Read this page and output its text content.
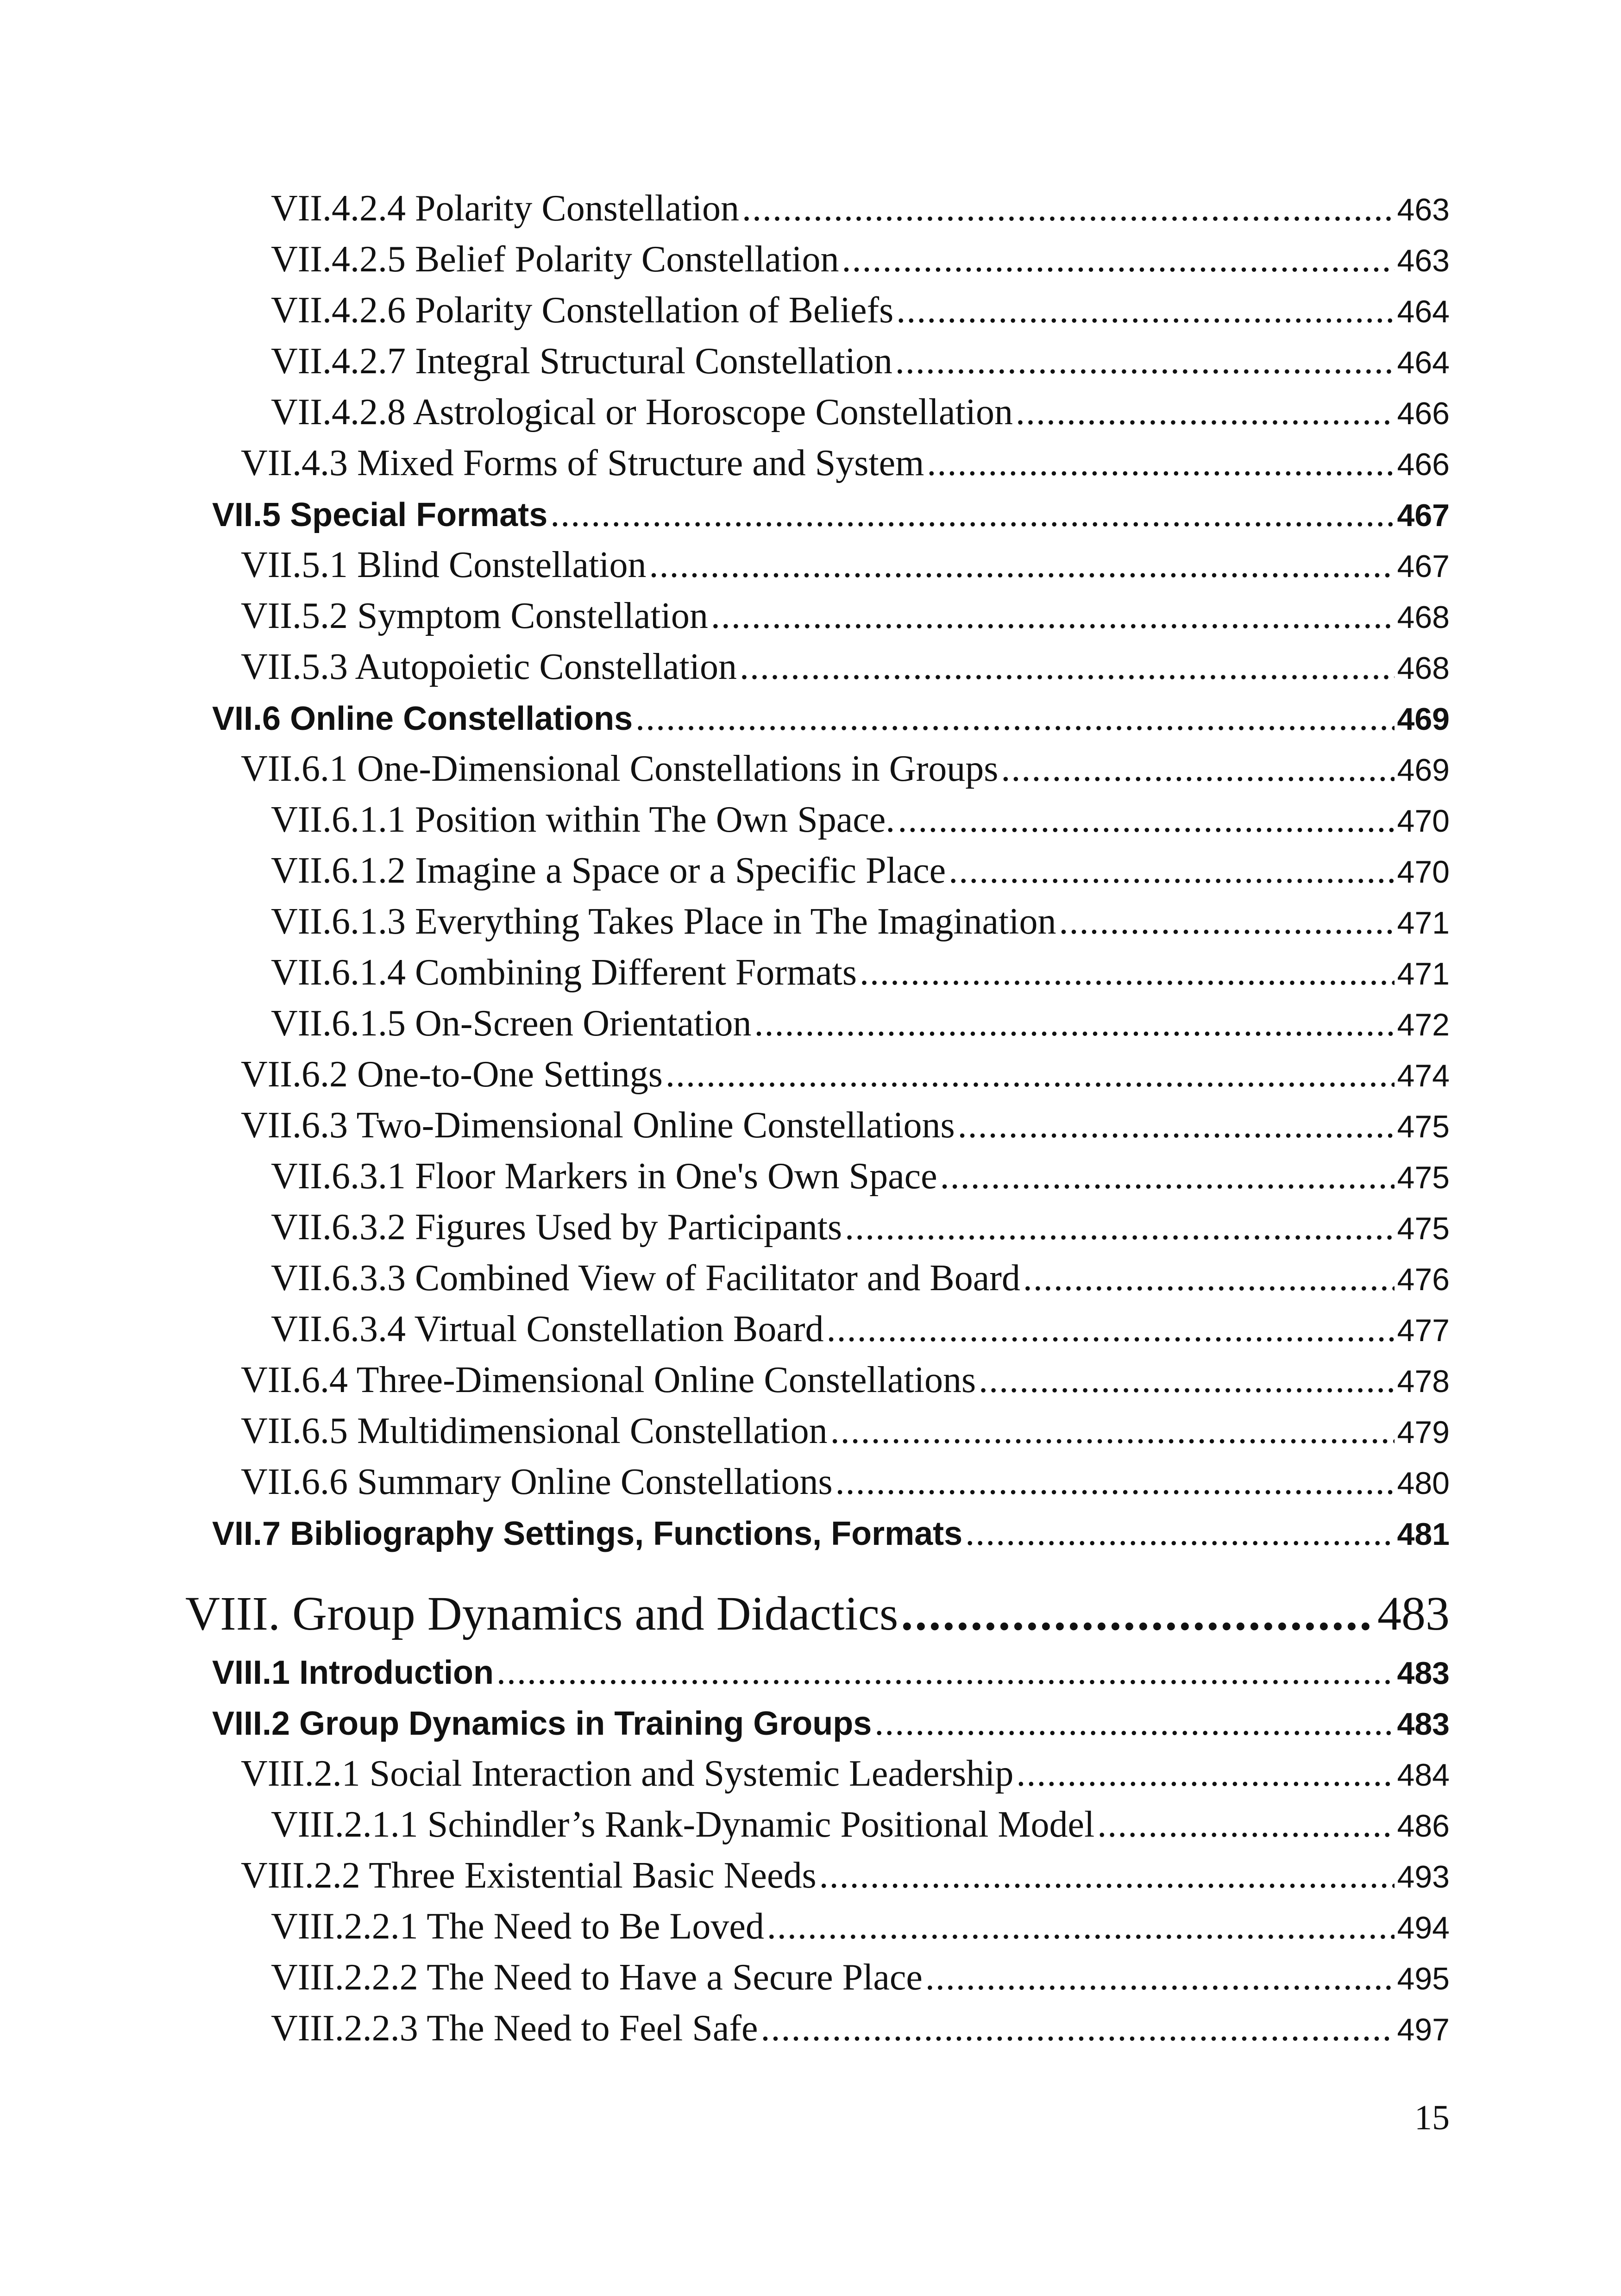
VII.4.2.4 Polarity Constellation .....	463
VII.4.2.5 Belief Polarity Constellation .....	463
VII.4.2.6 Polarity Constellation of Beliefs .....	464
VII.4.2.7 Integral Structural Constellation .....	464
VII.4.2.8 Astrological or Horoscope Constellation .....	466
VII.4.3 Mixed Forms of Structure and System .....	466
VII.5 Special Formats .....	467
VII.5.1 Blind Constellation .....	467
VII.5.2 Symptom Constellation .....	468
VII.5.3 Autopoietic Constellation .....	468
VII.6 Online Constellations .....	469
VII.6.1 One-Dimensional Constellations in Groups .....	469
VII.6.1.1 Position within The Own Space. .....	470
VII.6.1.2 Imagine a Space or a Specific Place .....	470
VII.6.1.3 Everything Takes Place in The Imagination .....	471
VII.6.1.4 Combining Different Formats .....	471
VII.6.1.5 On-Screen Orientation .....	472
VII.6.2 One-to-One Settings .....	474
VII.6.3 Two-Dimensional Online Constellations .....	475
VII.6.3.1 Floor Markers in One's Own Space .....	475
VII.6.3.2 Figures Used by Participants .....	475
VII.6.3.3 Combined View of Facilitator and Board .....	476
VII.6.3.4 Virtual Constellation Board .....	477
VII.6.4 Three-Dimensional Online Constellations .....	478
VII.6.5 Multidimensional Constellation .....	479
VII.6.6 Summary Online Constellations .....	480
VII.7 Bibliography Settings, Functions, Formats .....	481
VIII. Group Dynamics and Didactics .....	483
VIII.1 Introduction .....	483
VIII.2 Group Dynamics in Training Groups .....	483
VIII.2.1 Social Interaction and Systemic Leadership .....	484
VIII.2.1.1 Schindler’s Rank-Dynamic Positional Model .....	486
VIII.2.2 Three Existential Basic Needs .....	493
VIII.2.2.1 The Need to Be Loved .....	494
VIII.2.2.2 The Need to Have a Secure Place .....	495
VIII.2.2.3 The Need to Feel Safe .....	497
15
